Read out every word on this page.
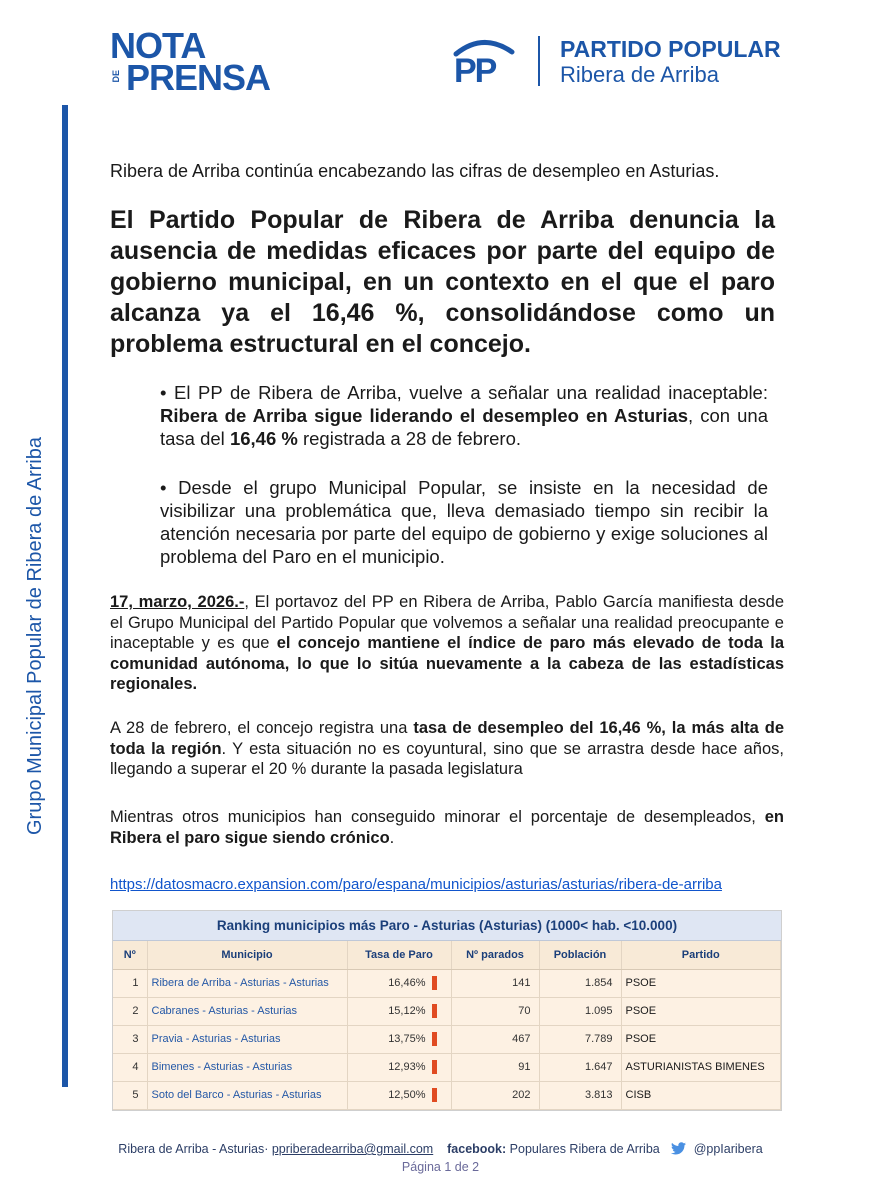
NOTA
DE PRENSA	PP
PARTIDO POPULAR
Ribera de Arriba
Grupo Municipal Popular de Ribera de Arriba
Ribera de Arriba continúa encabezando las cifras de desempleo en Asturias.
El Partido Popular de Ribera de Arriba denuncia la ausencia de medidas eficaces por parte del equipo de gobierno municipal, en un contexto en el que el paro alcanza ya el 16,46 %, consolidándose como un problema estructural en el concejo.
• El PP de Ribera de Arriba, vuelve a señalar una realidad inaceptable: Ribera de Arriba sigue liderando el desempleo en Asturias, con una tasa del 16,46 % registrada a 28 de febrero.
• Desde el grupo Municipal Popular, se insiste en la necesidad de visibilizar una problemática que, lleva demasiado tiempo sin recibir la atención necesaria por parte del equipo de gobierno y exige soluciones al problema del Paro en el municipio.
17, marzo, 2026.-, El portavoz del PP en Ribera de Arriba, Pablo García manifiesta desde el Grupo Municipal del Partido Popular que volvemos a señalar una realidad preocupante e inaceptable y es que el concejo mantiene el índice de paro más elevado de toda la comunidad autónoma, lo que lo sitúa nuevamente a la cabeza de las estadísticas regionales.
A 28 de febrero, el concejo registra una tasa de desempleo del 16,46 %, la más alta de toda la región. Y esta situación no es coyuntural, sino que se arrastra desde hace años, llegando a superar el 20 % durante la pasada legislatura
Mientras otros municipios han conseguido minorar el porcentaje de desempleados, en Ribera el paro sigue siendo crónico.
https://datosmacro.expansion.com/paro/espana/municipios/asturias/asturias/ribera-de-arriba
Ranking municipios más Paro - Asturias (Asturias) (1000< hab. <10.000)
Nº	Municipio	Tasa de Paro	Nº parados	Población	Partido
1	Ribera de Arriba - Asturias - Asturias	16,46%	141	1.854	PSOE
2	Cabranes - Asturias - Asturias	15,12%	70	1.095	PSOE
3	Pravia - Asturias - Asturias	13,75%	467	7.789	PSOE
4	Bimenes - Asturias - Asturias	12,93%	91	1.647	ASTURIANISTAS BIMENES
5	Soto del Barco - Asturias - Asturias	12,50%	202	3.813	CISB
Ribera de Arriba - Asturias· ppriberadearriba@gmail.com facebook: Populares Ribera de Arriba	@ppIaribera
Página 1 de 2
